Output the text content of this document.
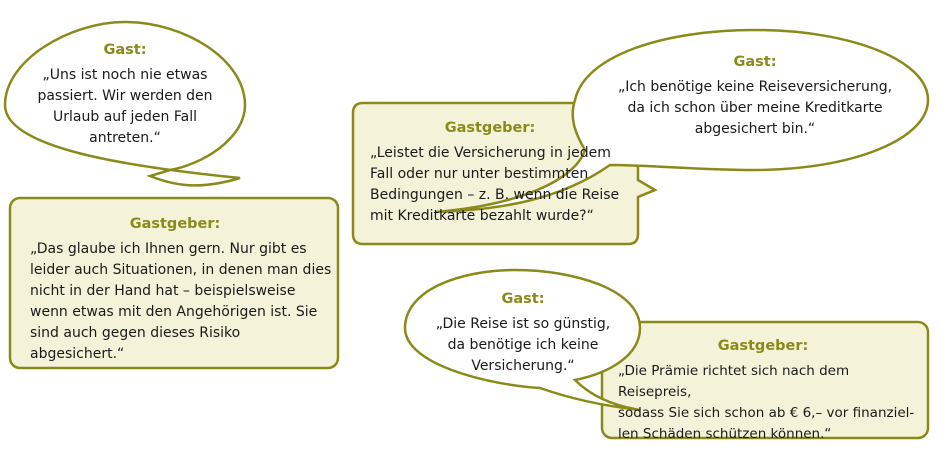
Gast:
„Uns ist noch nie etwas
passiert. Wir werden den
Urlaub auf jeden Fall
antreten.“
Gastgeber:
„Das glaube ich Ihnen gern. Nur gibt es
leider auch Situationen, in denen man dies
nicht in der Hand hat – beispielsweise
wenn etwas mit den Angehörigen ist. Sie
sind auch gegen dieses Risiko abgesichert.“
Gastgeber:
„Leistet die Versicherung in jedem
Fall oder nur unter bestimmten
Bedingungen – z. B. wenn die Reise
mit Kreditkarte bezahlt wurde?“
Gast:
„Ich benötige keine Reiseversicherung,
da ich schon über meine Kreditkarte
abgesichert bin.“
Gast:
„Die Reise ist so günstig,
da benötige ich keine
Versicherung.“
Gastgeber:
„Die Prämie richtet sich nach dem Reisepreis,
sodass Sie sich schon ab € 6,– vor finanziel-
len Schäden schützen können.“
